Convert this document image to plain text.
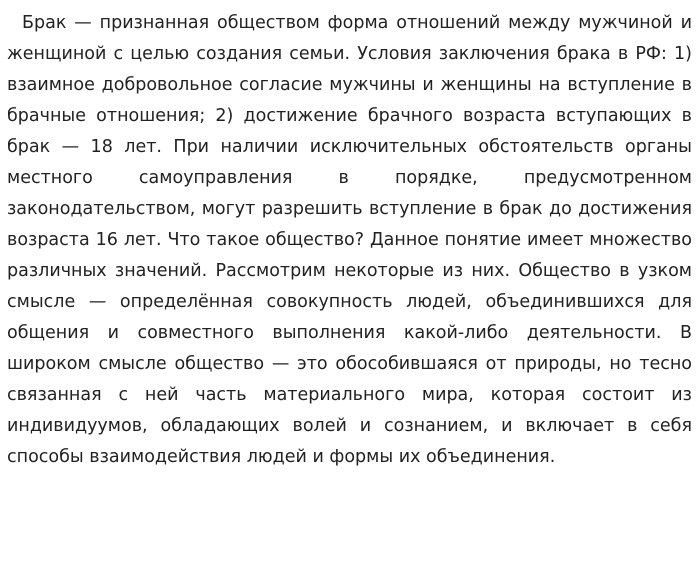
Брак — признанная обществом форма отношений между мужчиной и женщиной с целью создания семьи. Условия заключения брака в РФ: 1) взаимное добровольное согласие мужчины и женщины на вступление в брачные отношения; 2) достижение брачного возраста вступающих в брак — 18 лет. При наличии исключительных обстоятельств органы местного самоуправления в порядке, предусмотренном законодательством, могут разрешить вступление в брак до достижения возраста 16 лет. Что такое общество? Данное понятие имеет множество различных значений. Рассмотрим некоторые из них. Общество в узком смысле — определённая совокупность людей, объединившихся для общения и совместного выполнения какой-либо деятельности. В широком смысле общество — это обособившаяся от природы, но тесно связанная с ней часть материального мира, которая состоит из индивидуумов, обладающих волей и сознанием, и включает в себя способы взаимодействия людей и формы их объединения.
